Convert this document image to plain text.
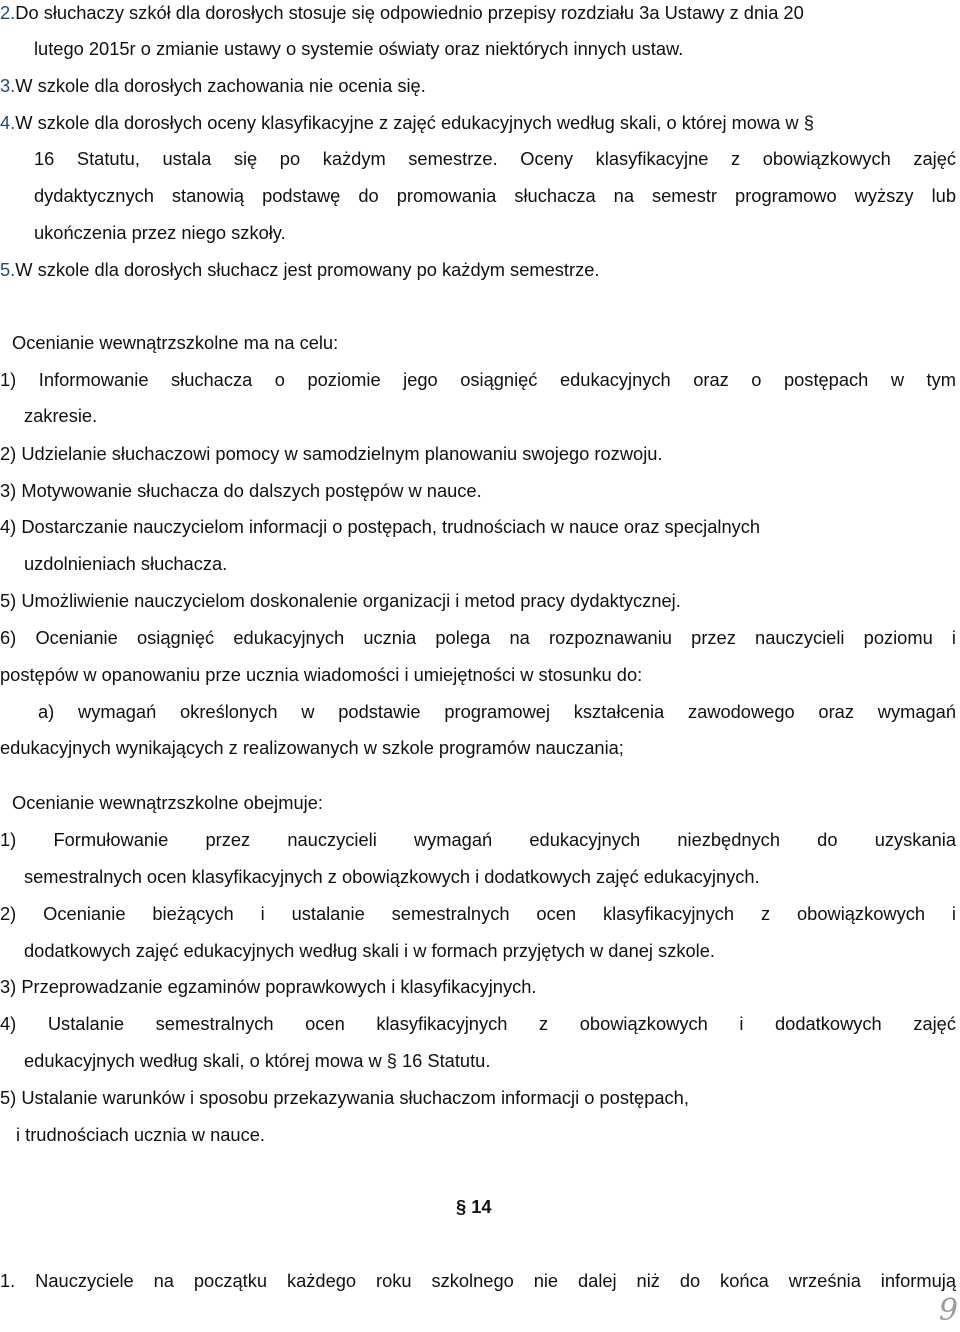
2.Do słuchaczy szkół dla dorosłych stosuje się odpowiednio przepisy rozdziału 3a Ustawy z dnia 20

lutego 2015r o zmianie ustawy o systemie oświaty oraz niektórych innych ustaw.

3.W szkole dla dorosłych zachowania nie ocenia się.

4.W szkole dla dorosłych oceny klasyfikacyjne z zajęć edukacyjnych według skali, o której mowa w §

16 Statutu, ustala się po każdym semestrze. Oceny klasyfikacyjne z obowiązkowych zajęć

dydaktycznych stanowią podstawę do promowania słuchacza na semestr programowo wyższy lub

ukończenia przez niego szkoły.

5.W szkole dla dorosłych słuchacz jest promowany po każdym semestrze.

Ocenianie wewnątrzszkolne ma na celu:

1) Informowanie słuchacza o poziomie jego osiągnięć edukacyjnych oraz o postępach w tym

zakresie.

2) Udzielanie słuchaczowi pomocy w samodzielnym planowaniu swojego rozwoju.

3) Motywowanie słuchacza do dalszych postępów w nauce.

4) Dostarczanie nauczycielom informacji o postępach, trudnościach w nauce oraz specjalnych

uzdolnieniach słuchacza.

5) Umożliwienie nauczycielom doskonalenie organizacji i metod pracy dydaktycznej.

6) Ocenianie osiągnięć edukacyjnych ucznia polega na rozpoznawaniu przez nauczycieli poziomu i

postępów w opanowaniu prze ucznia wiadomości i umiejętności w stosunku do:

a) wymagań określonych w podstawie programowej kształcenia zawodowego oraz wymagań

edukacyjnych wynikających z realizowanych w szkole programów nauczania;

Ocenianie wewnątrzszkolne obejmuje:

1) Formułowanie przez nauczycieli wymagań edukacyjnych niezbędnych do uzyskania

semestralnych ocen klasyfikacyjnych z obowiązkowych i dodatkowych zajęć edukacyjnych.

2) Ocenianie bieżących i ustalanie semestralnych ocen klasyfikacyjnych z obowiązkowych i

dodatkowych zajęć edukacyjnych według skali i w formach przyjętych w danej szkole.

3) Przeprowadzanie egzaminów poprawkowych i klasyfikacyjnych.

4) Ustalanie semestralnych ocen klasyfikacyjnych z obowiązkowych i dodatkowych zajęć

edukacyjnych według skali, o której mowa w § 16 Statutu.

5) Ustalanie warunków i sposobu przekazywania słuchaczom informacji o postępach,

i trudnościach ucznia w nauce.

§ 14

1. Nauczyciele na początku każdego roku szkolnego nie dalej niż do końca września informują

9
